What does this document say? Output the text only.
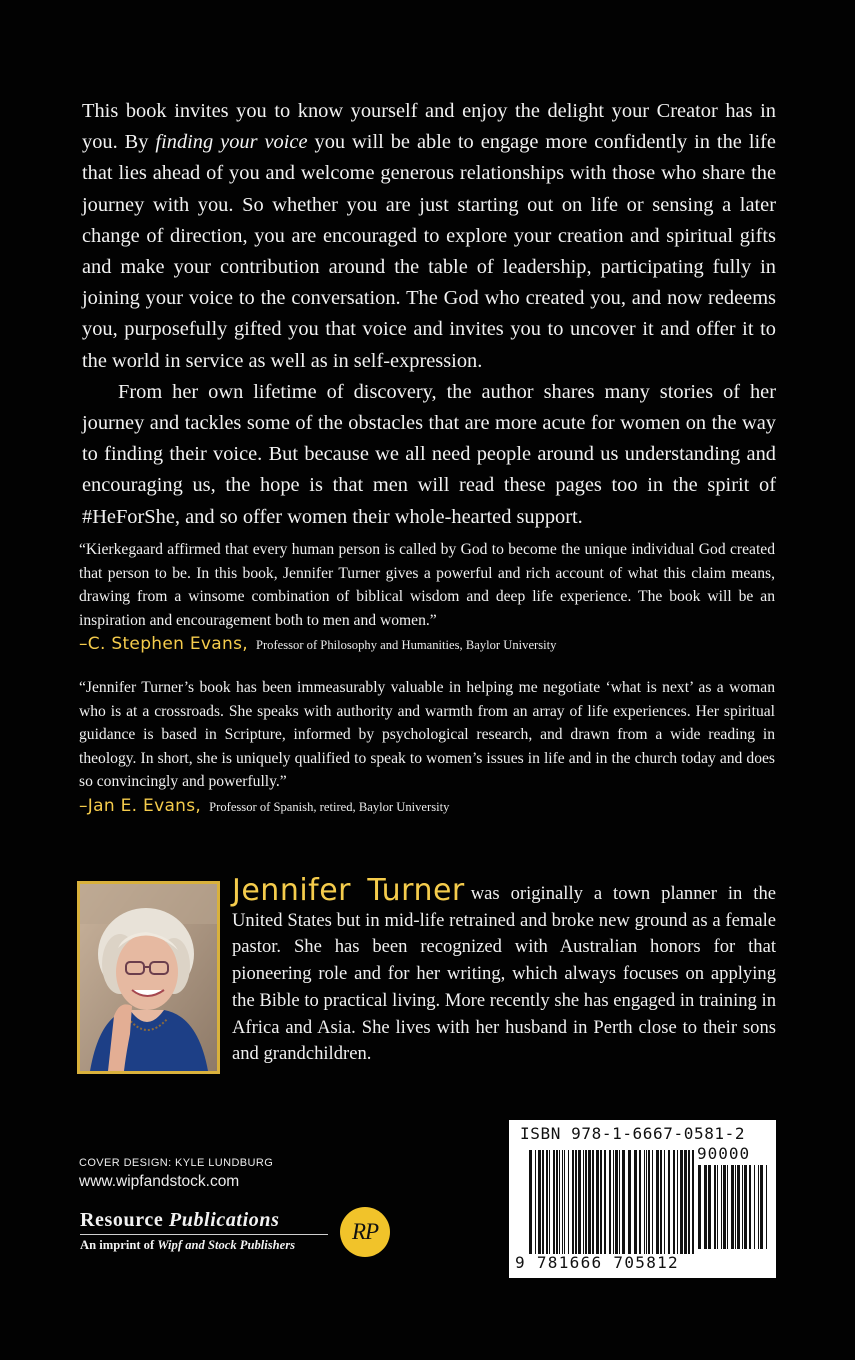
This book invites you to know yourself and enjoy the delight your Creator has in you. By finding your voice you will be able to engage more confidently in the life that lies ahead of you and welcome generous relationships with those who share the journey with you. So whether you are just starting out on life or sensing a later change of direction, you are encouraged to explore your creation and spiritual gifts and make your contribution around the table of leadership, participating fully in joining your voice to the conversation. The God who created you, and now redeems you, purposefully gifted you that voice and invites you to uncover it and offer it to the world in service as well as in self-expression.

From her own lifetime of discovery, the author shares many stories of her journey and tackles some of the obstacles that are more acute for women on the way to finding their voice. But because we all need people around us understanding and encouraging us, the hope is that men will read these pages too in the spirit of #HeForShe, and so offer women their whole-hearted support.

“Kierkegaard affirmed that every human person is called by God to become the unique individual God created that person to be. In this book, Jennifer Turner gives a powerful and rich account of what this claim means, drawing from a winsome combination of biblical wisdom and deep life experience. The book will be an inspiration and encouragement both to men and women.”

–C. Stephen Evans, Professor of Philosophy and Humanities, Baylor University

“Jennifer Turner’s book has been immeasurably valuable in helping me negotiate ‘what is next’ as a woman who is at a crossroads. She speaks with authority and warmth from an array of life experiences. Her spiritual guidance is based in Scripture, informed by psychological research, and drawn from a wide reading in theology. In short, she is uniquely qualified to speak to women’s issues in life and in the church today and does so convincingly and powerfully.”

–Jan E. Evans, Professor of Spanish, retired, Baylor University

Jennifer Turner was originally a town planner in the United States but in mid-life retrained and broke new ground as a female pastor. She has been recognized with Australian honors for that pioneering role and for her writing, which always focuses on applying the Bible to practical living. More recently she has engaged in training in Africa and Asia. She lives with her husband in Perth close to their sons and grandchildren.

COVER DESIGN: KYLE LUNDBURG
www.wipfandstock.com
Resource Publications
An imprint of Wipf and Stock Publishers
RP
ISBN 978-1-6667-0581-2
90000
9 781666 705812
